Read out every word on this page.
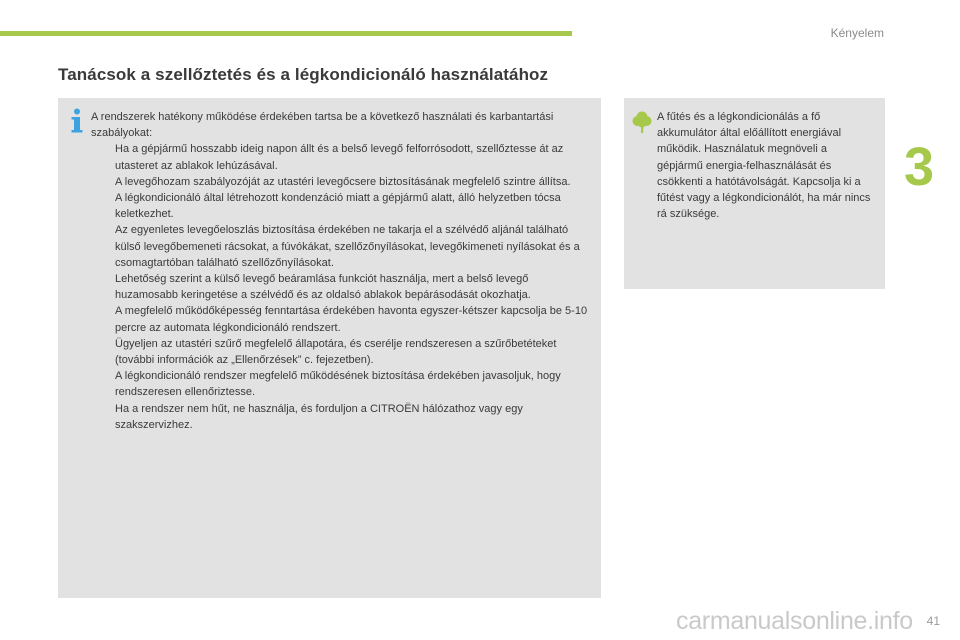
Kényelem
Tanácsok a szellőztetés és a légkondicionáló használatához
3

A rendszerek hatékony működése érdekében tartsa be a következő használati és karbantartási szabályokat:

Ha a gépjármű hosszabb ideig napon állt és a belső levegő felforrósodott, szellőztesse át az utasteret az ablakok lehúzásával.
A levegőhozam szabályozóját az utastéri levegőcsere biztosításának megfelelő szintre állítsa.
A légkondicionáló által létrehozott kondenzáció miatt a gépjármű alatt, álló helyzetben tócsa keletkezhet.
Az egyenletes levegőeloszlás biztosítása érdekében ne takarja el a szélvédő aljánál található külső levegőbemeneti rácsokat, a fúvókákat, szellőzőnyílásokat, levegőkimeneti nyílásokat és a csomagtartóban található szellőzőnyílásokat.
Lehetőség szerint a külső levegő beáramlása funkciót használja, mert a belső levegő huzamosabb keringetése a szélvédő és az oldalsó ablakok bepárásodását okozhatja.
A megfelelő működőképesség fenntartása érdekében havonta egyszer-kétszer kapcsolja be 5-10 percre az automata légkondicionáló rendszert.
Ügyeljen az utastéri szűrő megfelelő állapotára, és cserélje rendszeresen a szűrőbetéteket (további információk az „Ellenőrzések” c. fejezetben).
A légkondicionáló rendszer megfelelő működésének biztosítása érdekében javasoljuk, hogy rendszeresen ellenőriztesse.
Ha a rendszer nem hűt, ne használja, és forduljon a CITROËN hálózathoz vagy egy szakszervizhez.

A fűtés és a légkondicionálás a fő akkumulátor által előállított energiával működik. Használatuk megnöveli a gépjármű energia-felhasználását és csökkenti a hatótávolságát. Kapcsolja ki a fűtést vagy a légkondicionálót, ha már nincs rá szüksége.

carmanualsonline.info 41
